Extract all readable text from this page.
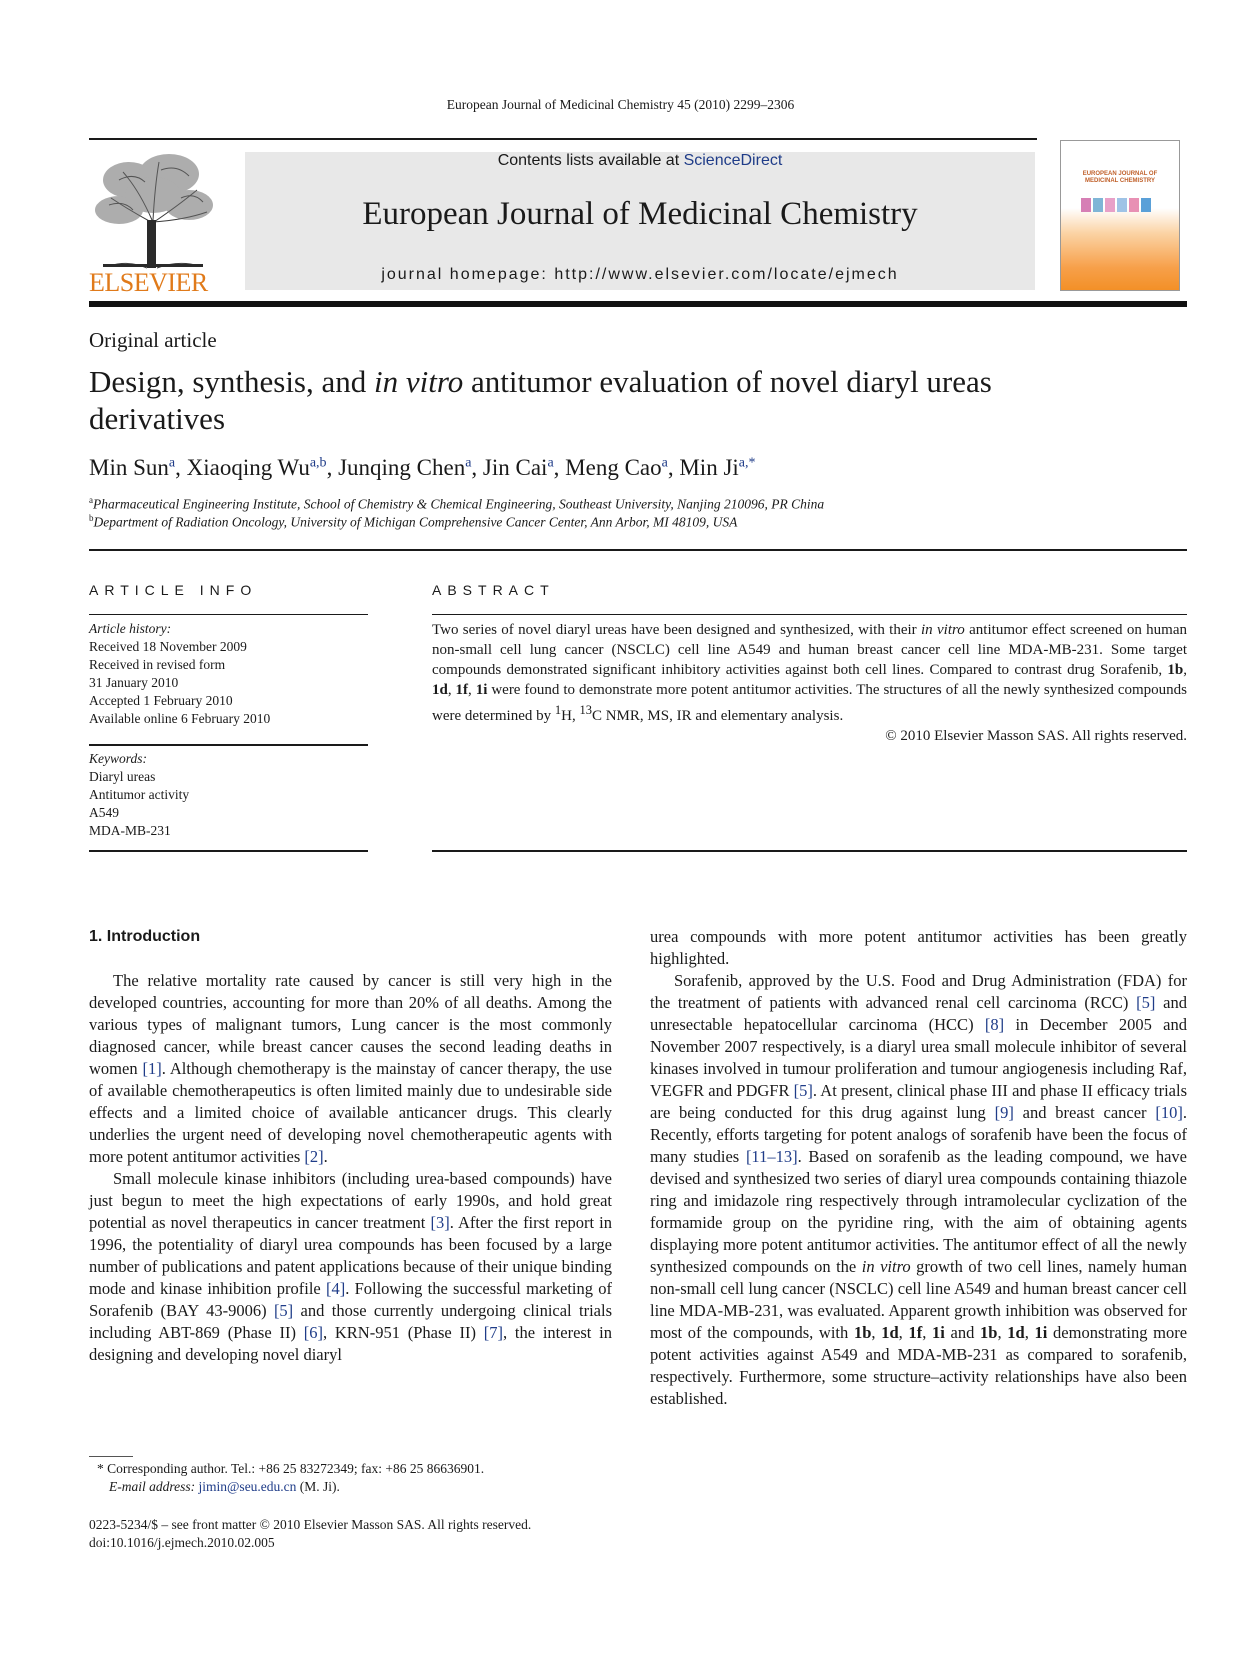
European Journal of Medicinal Chemistry 45 (2010) 2299–2306
ELSEVIER
Contents lists available at ScienceDirect
European Journal of Medicinal Chemistry
journal homepage: http://www.elsevier.com/locate/ejmech
EUROPEAN JOURNAL OF MEDICINAL CHEMISTRY
Original article
Design, synthesis, and in vitro antitumor evaluation of novel diaryl ureas derivatives
Min Sun$^a$, Xiaoqing Wu$^{a,b}$, Junqing Chen$^a$, Jin Cai$^a$, Meng Cao$^a$, Min $Ji^{a,*}$
$^a$Pharmaceutical Engineering Institute, School of Chemistry & Chemical Engineering, Southeast University, Nanjing 210096, PR China
$^b$Department of Radiation Oncology, University of Michigan Comprehensive Cancer Center, Ann Arbor, MI 48109, USA
ARTICLE INFO	ABSTRACT
Article history:
Received 18 November 2009
Received in revised form
31 January 2010
Accepted 1 February 2010
Available online 6 February 2010
Keywords:
Diaryl ureas
Antitumor activity
A549
MDA-MB-231
Two series of novel diaryl ureas have been designed and synthesized, with their in vitro antitumor effect screened on human non-small cell lung cancer (NSCLC) cell line A549 and human breast cancer cell line MDA-MB-231. Some target compounds demonstrated significant inhibitory activities against both cell lines. Compared to contrast drug Sorafenib, 1b, 1d, 1f, 1i were found to demonstrate more potent antitumor activities. The structures of all the newly synthesized compounds were determined by $^1$H, $^{13}$C NMR, MS, IR and elementary analysis.
© 2010 Elsevier Masson SAS. All rights reserved.

1. Introduction

The relative mortality rate caused by cancer is still very high in the developed countries, accounting for more than 20% of all deaths. Among the various types of malignant tumors, Lung cancer is the most commonly diagnosed cancer, while breast cancer causes the second leading deaths in women [1]. Although chemotherapy is the mainstay of cancer therapy, the use of available chemotherapeutics is often limited mainly due to undesirable side effects and a limited choice of available anticancer drugs. This clearly underlies the urgent need of developing novel chemotherapeutic agents with more potent antitumor activities [2].

Small molecule kinase inhibitors (including urea-based compounds) have just begun to meet the high expectations of early 1990s, and hold great potential as novel therapeutics in cancer treatment [3]. After the first report in 1996, the potentiality of diaryl urea compounds has been focused by a large number of publications and patent applications because of their unique binding mode and kinase inhibition profile [4]. Following the successful marketing of Sorafenib (BAY 43-9006) [5] and those currently undergoing clinical trials including ABT-869 (Phase II) [6], KRN-951 (Phase II) [7], the interest in designing and developing novel diaryl

urea compounds with more potent antitumor activities has been greatly highlighted.

Sorafenib, approved by the U.S. Food and Drug Administration (FDA) for the treatment of patients with advanced renal cell carcinoma (RCC) [5] and unresectable hepatocellular carcinoma (HCC) [8] in December 2005 and November 2007 respectively, is a diaryl urea small molecule inhibitor of several kinases involved in tumour proliferation and tumour angiogenesis including Raf, VEGFR and PDGFR [5]. At present, clinical phase III and phase II efficacy trials are being conducted for this drug against lung [9] and breast cancer [10]. Recently, efforts targeting for potent analogs of sorafenib have been the focus of many studies [11–13]. Based on sorafenib as the leading compound, we have devised and synthesized two series of diaryl urea compounds containing thiazole ring and imidazole ring respectively through intramolecular cyclization of the formamide group on the pyridine ring, with the aim of obtaining agents displaying more potent antitumor activities. The antitumor effect of all the newly synthesized compounds on the in vitro growth of two cell lines, namely human non-small cell lung cancer (NSCLC) cell line A549 and human breast cancer cell line MDA-MB-231, was evaluated. Apparent growth inhibition was observed for most of the compounds, with 1b, 1d, 1f, 1i and 1b, 1d, 1i demonstrating more potent activities against A549 and MDA-MB-231 as compared to sorafenib, respectively. Furthermore, some structure–activity relationships have also been established.

* Corresponding author. Tel.: +86 25 83272349; fax: +86 25 86636901.
E-mail address: jimin@seu.edu.cn (M. Ji).
0223-5234/$ – see front matter © 2010 Elsevier Masson SAS. All rights reserved.
doi:10.1016/j.ejmech.2010.02.005
